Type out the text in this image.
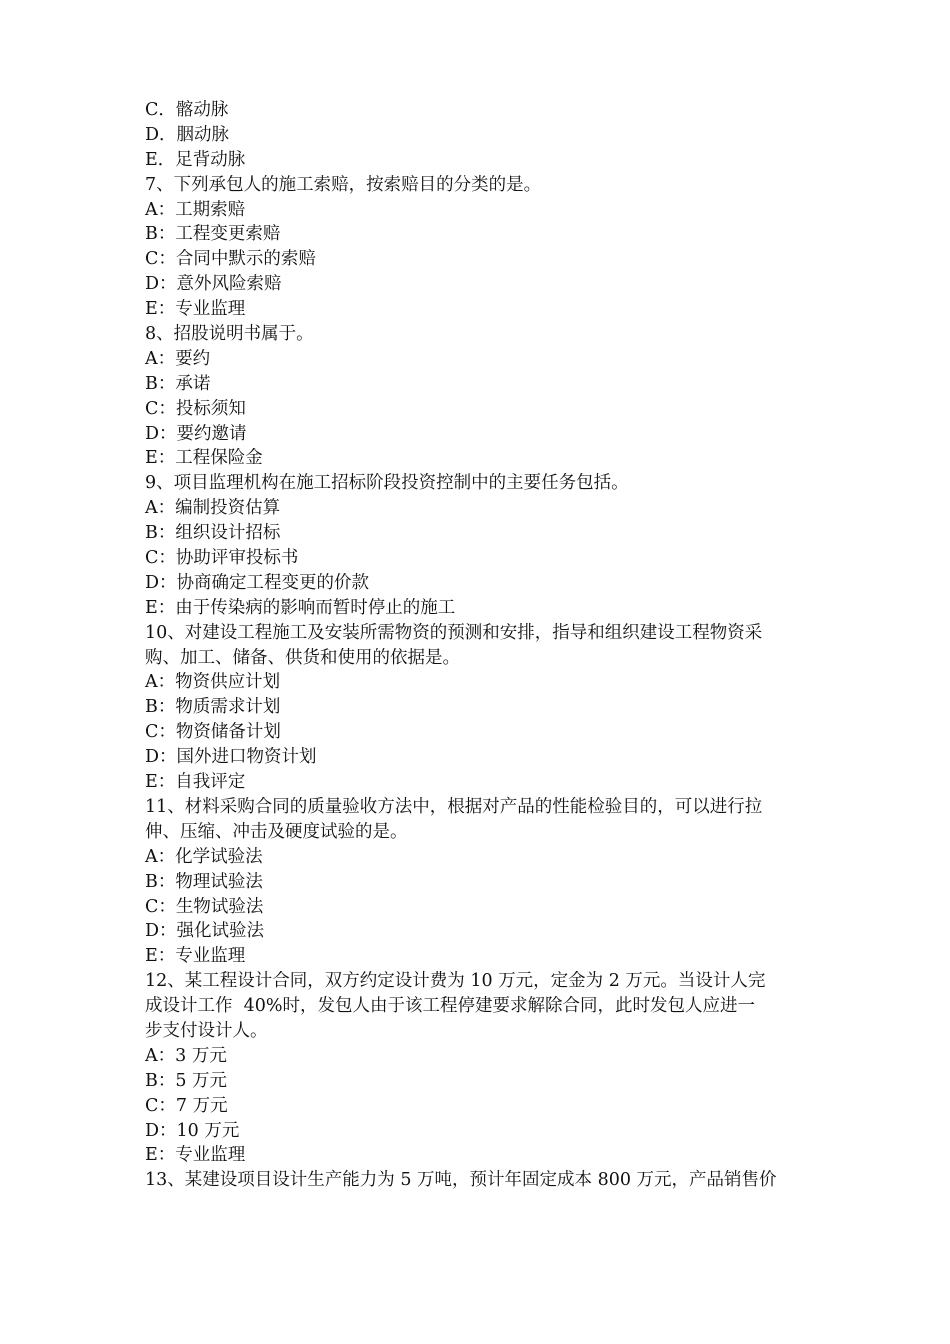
C．髂动脉
D．胭动脉
E．足背动脉
7、下列承包人的施工索赔，按索赔目的分类的是。
A：工期索赔
B：工程变更索赔
C：合同中默示的索赔
D：意外风险索赔
E：专业监理
8、招股说明书属于。
A：要约
B：承诺
C：投标须知
D：要约邀请
E：工程保险金
9、项目监理机构在施工招标阶段投资控制中的主要任务包括。
A：编制投资估算
B：组织设计招标
C：协助评审投标书
D：协商确定工程变更的价款
E：由于传染病的影响而暂时停止的施工
10、对建设工程施工及安装所需物资的预测和安排，指导和组织建设工程物资采
购、加工、储备、供货和使用的依据是。
A：物资供应计划
B：物质需求计划
C：物资储备计划
D：国外进口物资计划
E：自我评定
11、材料采购合同的质量验收方法中，根据对产品的性能检验目的，可以进行拉
伸、压缩、冲击及硬度试验的是。
A：化学试验法
B：物理试验法
C：生物试验法
D：强化试验法
E：专业监理
12、某工程设计合同，双方约定设计费为 10 万元，定金为 2 万元。当设计人完
成设计工作  40%时，发包人由于该工程停建要求解除合同，此时发包人应进一
步支付设计人。
A：3 万元
B：5 万元
C：7 万元
D：10 万元
E：专业监理
13、某建设项目设计生产能力为 5 万吨，预计年固定成本 800 万元，产品销售价
